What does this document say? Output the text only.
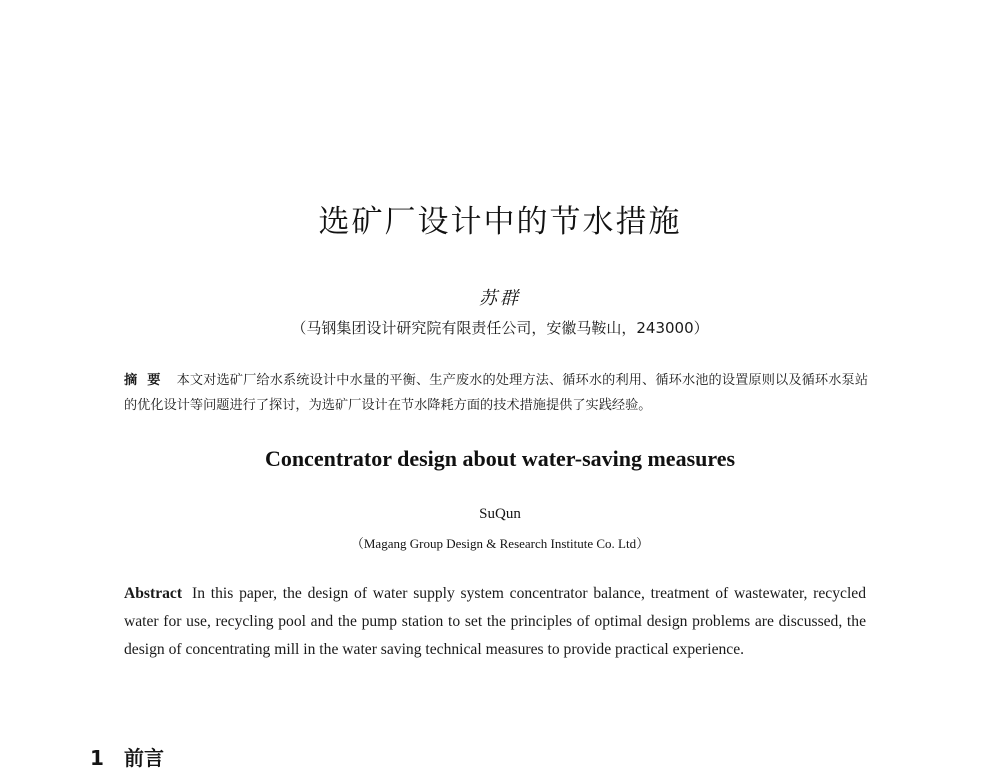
选矿厂设计中的节水措施
苏群
（马钢集团设计研究院有限责任公司，安徽马鞍山，243000）
摘要 本文对选矿厂给水系统设计中水量的平衡、生产废水的处理方法、循环水的利用、循环水池的设置原则以及循环水泵站的优化设计等问题进行了探讨，为选矿厂设计在节水降耗方面的技术措施提供了实践经验。
Concentrator design about water-saving measures
SuQun
（Magang Group Design & Research Institute Co. Ltd）

Abstract In this paper, the design of water supply system concentrator balance, treatment of wastewater, recycled water for use, recycling pool and the pump station to set the principles of optimal design problems are discussed, the design of concentrating mill in the water saving technical measures to provide practical experience.

1 前言
